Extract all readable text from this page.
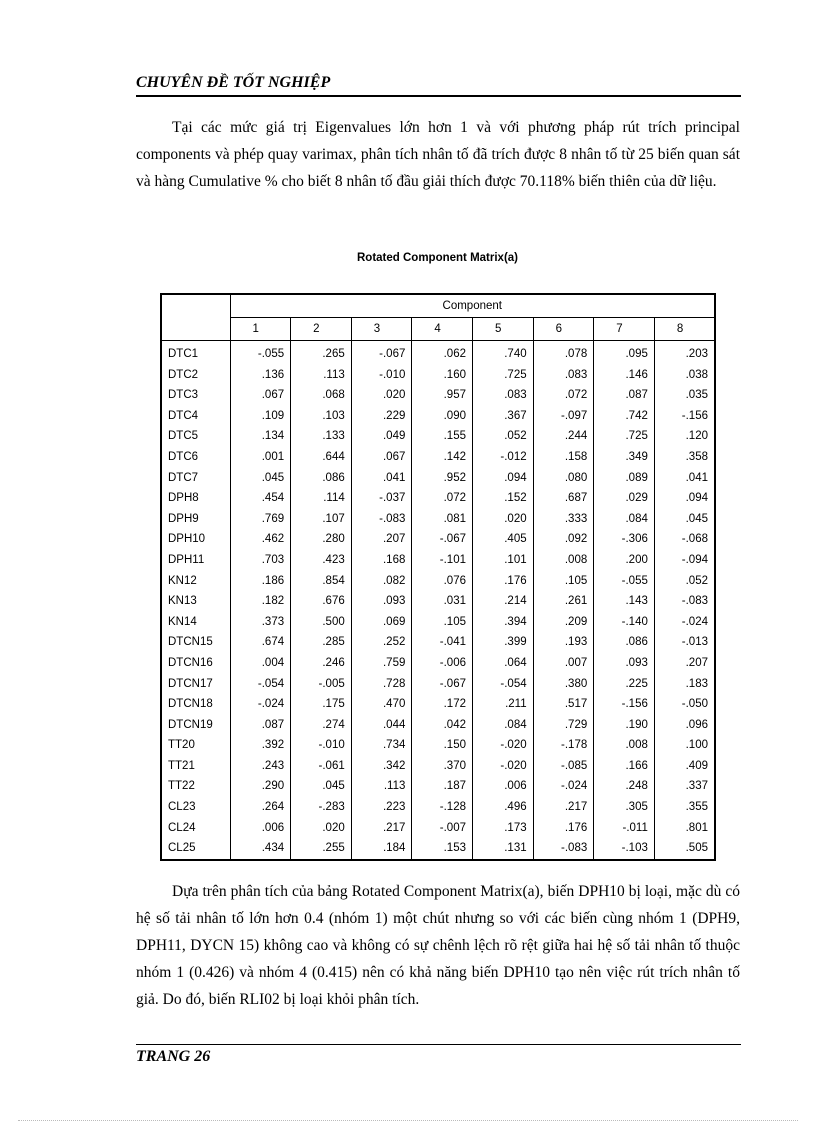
CHUYÊN ĐỀ TỐT NGHIỆP

Tại các mức giá trị Eigenvalues lớn hơn 1 và với phương pháp rút trích principal components và phép quay varimax, phân tích nhân tố đã trích được 8 nhân tố từ 25 biến quan sát và hàng Cumulative % cho biết 8 nhân tố đầu giải thích được 70.118% biến thiên của dữ liệu.

Rotated Component Matrix(a)
	Component							
	1	2	3	4	5	6	7	8
DTC1	-.055	.265	-.067	.062	.740	.078	.095	.203
DTC2	.136	.113	-.010	.160	.725	.083	.146	.038
DTC3	.067	.068	.020	.957	.083	.072	.087	.035
DTC4	.109	.103	.229	.090	.367	-.097	.742	-.156
DTC5	.134	.133	.049	.155	.052	.244	.725	.120
DTC6	.001	.644	.067	.142	-.012	.158	.349	.358
DTC7	.045	.086	.041	.952	.094	.080	.089	.041
DPH8	.454	.114	-.037	.072	.152	.687	.029	.094
DPH9	.769	.107	-.083	.081	.020	.333	.084	.045
DPH10	.462	.280	.207	-.067	.405	.092	-.306	-.068
DPH11	.703	.423	.168	-.101	.101	.008	.200	-.094
KN12	.186	.854	.082	.076	.176	.105	-.055	.052
KN13	.182	.676	.093	.031	.214	.261	.143	-.083
KN14	.373	.500	.069	.105	.394	.209	-.140	-.024
DTCN15	.674	.285	.252	-.041	.399	.193	.086	-.013
DTCN16	.004	.246	.759	-.006	.064	.007	.093	.207
DTCN17	-.054	-.005	.728	-.067	-.054	.380	.225	.183
DTCN18	-.024	.175	.470	.172	.211	.517	-.156	-.050
DTCN19	.087	.274	.044	.042	.084	.729	.190	.096
TT20	.392	-.010	.734	.150	-.020	-.178	.008	.100
TT21	.243	-.061	.342	.370	-.020	-.085	.166	.409
TT22	.290	.045	.113	.187	.006	-.024	.248	.337
CL23	.264	-.283	.223	-.128	.496	.217	.305	.355
CL24	.006	.020	.217	-.007	.173	.176	-.011	.801
CL25	.434	.255	.184	.153	.131	-.083	-.103	.505

Dựa trên phân tích của bảng Rotated Component Matrix(a), biến DPH10 bị loại, mặc dù có hệ số tải nhân tố lớn hơn 0.4 (nhóm 1) một chút nhưng so với các biến cùng nhóm 1 (DPH9, DPH11, DYCN 15) không cao và không có sự chênh lệch rõ rệt giữa hai hệ số tải nhân tố thuộc nhóm 1 (0.426) và nhóm 4 (0.415) nên có khả năng biến DPH10 tạo nên việc rút trích nhân tố giả. Do đó, biến RLI02 bị loại khỏi phân tích.

TRANG 26
